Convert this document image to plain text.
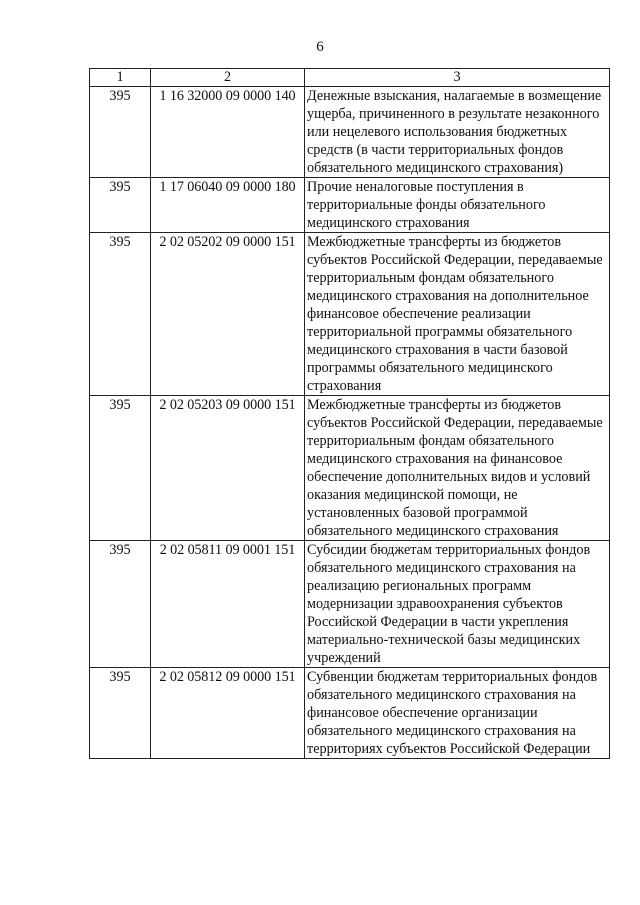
6
1	2	3
395	1 16 32000 09 0000 140	Денежные взыскания, налагаемые в возмещение ущерба, причиненного в результате незаконного или нецелевого использования бюджетных средств (в части территориальных фондов обязательного медицинского страхования)
395	1 17 06040 09 0000 180	Прочие неналоговые поступления в территориальные фонды обязательного медицинского страхования
395	2 02 05202 09 0000 151	Межбюджетные трансферты из бюджетов субъектов Российской Федерации, передаваемые территориальным фондам обязательного медицинского страхования на дополнительное финансовое обеспечение реализации территориальной программы обязательного медицинского страхования в части базовой программы обязательного медицинского страхования
395	2 02 05203 09 0000 151	Межбюджетные трансферты из бюджетов субъектов Российской Федерации, передаваемые территориальным фондам обязательного медицинского страхования на финансовое обеспечение дополнительных видов и условий оказания медицинской помощи, не установленных базовой программой обязательного медицинского страхования
395	2 02 05811 09 0001 151	Субсидии бюджетам территориальных фондов обязательного медицинского страхования на реализацию региональных программ модернизации здравоохранения субъектов Российской Федерации в части укрепления материально-технической базы медицинских учреждений
395	2 02 05812 09 0000 151	Субвенции бюджетам территориальных фондов обязательного медицинского страхования на финансовое обеспечение организации обязательного медицинского страхования на территориях субъектов Российской Федерации
